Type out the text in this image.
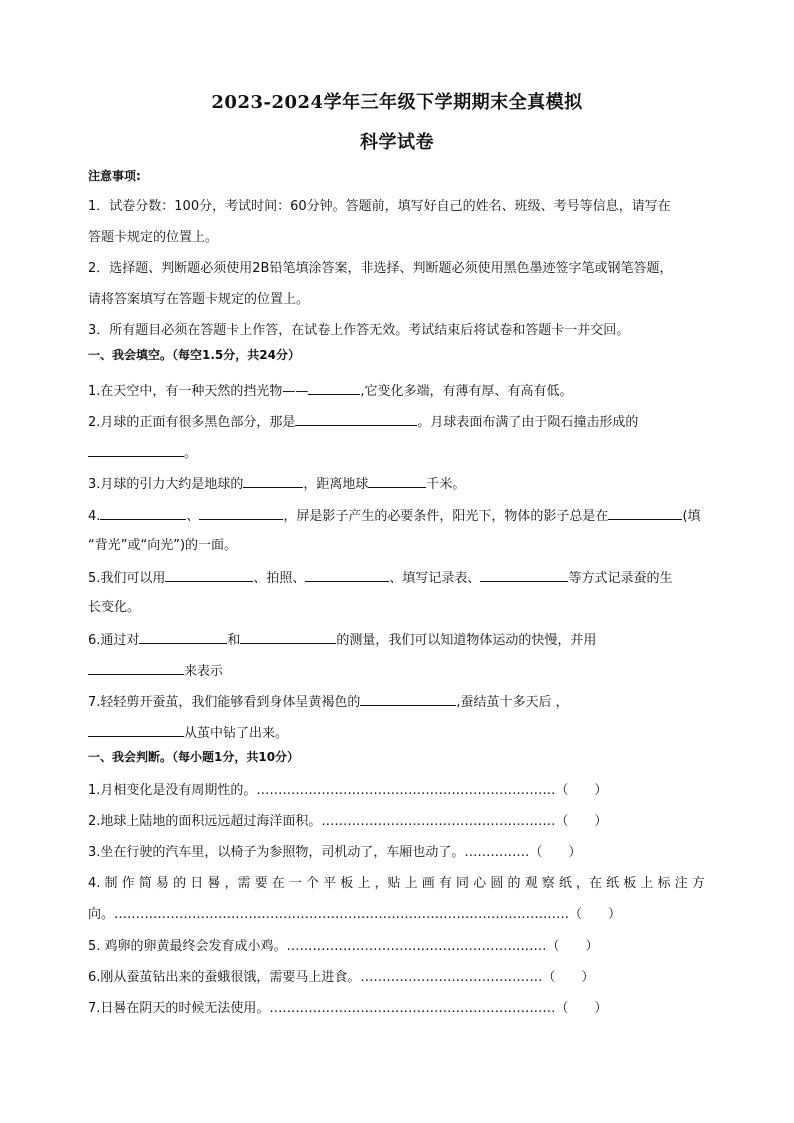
2023-2024学年三年级下学期期末全真模拟
科学试卷
注意事项:
1．试卷分数：100分，考试时间：60分钟。答题前，填写好自己的姓名、班级、考号等信息，请写在
答题卡规定的位置上。
2．选择题、判断题必须使用2B铅笔填涂答案，非选择、判断题必须使用黑色墨迹签字笔或钢笔答题，
请将答案填写在答题卡规定的位置上。
3．所有题目必须在答题卡上作答，在试卷上作答无效。考试结束后将试卷和答题卡一并交回。
一、我会填空。（每空1.5分，共24分）
1.在天空中，有一种天然的挡光物——	,它变化多端，有薄有厚、有高有低。
2.月球的正面有很多黑色部分，那是	。月球表面布满了由于陨石撞击形成的
。
3.月球的引力大约是地球的	，距离地球	千米。
4.	、	，屏是影子产生的必要条件，阳光下，物体的影子总是在	(填
“背光”或“向光”)的一面。
5.我们可以用	、拍照、	、填写记录表、	等方式记录蚕的生
长变化。
6.通过对	和	的测量，我们可以知道物体运动的快慢，并用
来表示
7.轻轻剪开蚕茧，我们能够看到身体呈黄褐色的	,蚕结茧十多天后 ，
从茧中钻了出来。
一、我会判断。（每小题1分，共10分）
1.月相变化是没有周期性的。……………………………………………………………（　　）
2.地球上陆地的面积远远超过海洋面积。………………………………………………（　　）
3.坐在行驶的汽车里，以椅子为参照物，司机动了，车厢也动了。……………（　　）
4. 制 作 简 易 的 日 晷 ，需 要 在 一 个 平 板 上 ，贴 上 画 有 同 心 圆 的 观 察 纸 ，在 纸 板 上 标 注 方
向。……………………………………………………………………………………………（　　）
5. 鸡卵的卵黄最终会发育成小鸡。……………………………………………………（　　）
6.刚从蚕茧钻出来的蚕蛾很饿，需要马上进食。……………………………………（　　）
7.日晷在阴天的时候无法使用。…………………………………………………………（　　）
